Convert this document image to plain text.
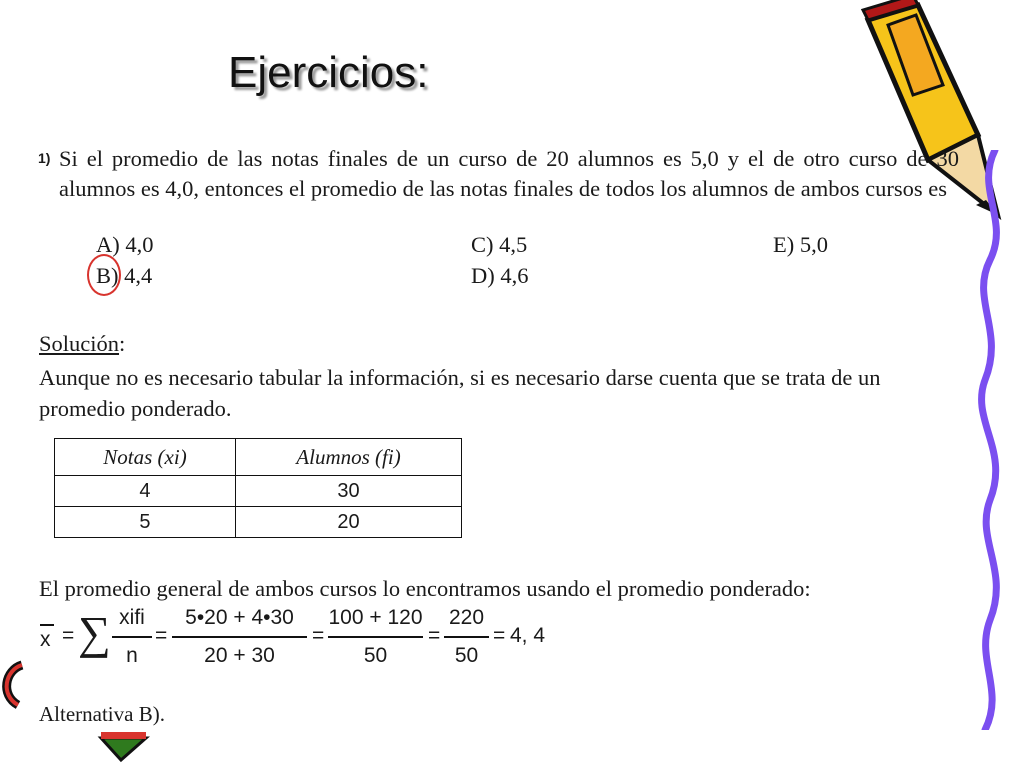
Ejercicios:
1) Si el promedio de las notas finales de un curso de 20 alumnos es 5,0 y el de otro curso de 30 alumnos es 4,0, entonces el promedio de las notas finales de todos los alumnos de ambos cursos es
A) 4,0
B) 4,4
C) 4,5
D) 4,6
E) 5,0
Solución:
Aunque no es necesario tabular la información, si es necesario darse cuenta que se trata de un promedio ponderado.
Notas (xi)	Alumnos (fi)
4	30
5	20
El promedio general de ambos cursos lo encontramos usando el promedio ponderado:
x = ∑ xifi
n
=
5•20 + 4•30
20 + 30
=
100 + 120
50
=
220
50
= 4, 4
Alternativa B).
